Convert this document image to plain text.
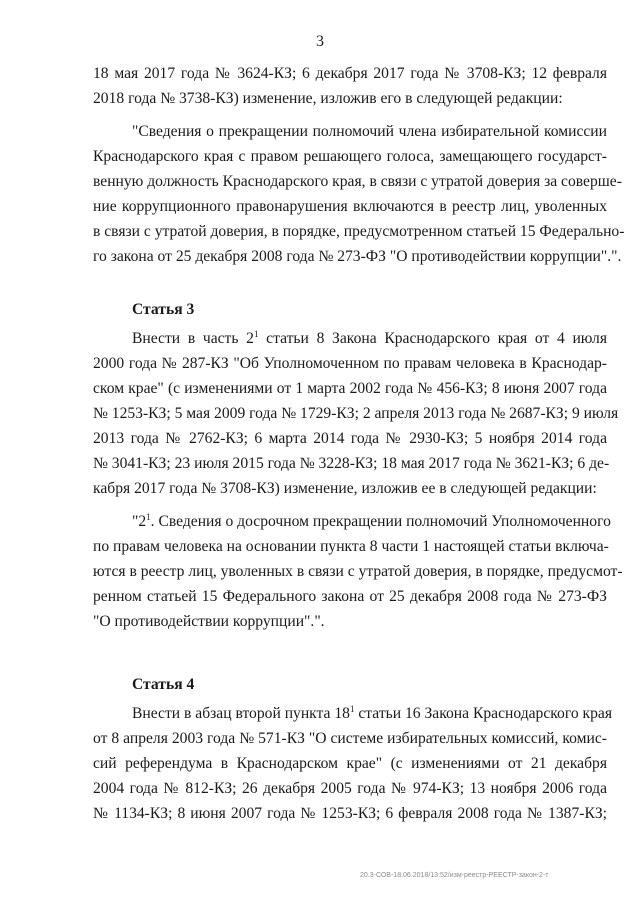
3
18 мая 2017 года № 3624-КЗ; 6 декабря 2017 года № 3708-КЗ; 12 февраля
2018 года № 3738-КЗ) изменение, изложив его в следующей редакции:
"Сведения о прекращении полномочий члена избирательной комиссии
Краснодарского края с правом решающего голоса, замещающего государст-
венную должность Краснодарского края, в связи с утратой доверия за соверше-
ние коррупционного правонарушения включаются в реестр лиц, уволенных
в связи с утратой доверия, в порядке, предусмотренном статьей 15 Федерально-
го закона от 25 декабря 2008 года № 273-ФЗ "О противодействии коррупции".".
Статья 3
Внести в часть $2^1$ статьи 8 Закона Краснодарского края от 4 июля
2000 года № 287-КЗ "Об Уполномоченном по правам человека в Краснодар-
ском крае" (с изменениями от 1 марта 2002 года № 456-КЗ; 8 июня 2007 года
№ 1253-КЗ; 5 мая 2009 года № 1729-КЗ; 2 апреля 2013 года № 2687-КЗ; 9 июля
2013 года № 2762-КЗ; 6 марта 2014 года № 2930-КЗ; 5 ноября 2014 года
№ 3041-КЗ; 23 июля 2015 года № 3228-КЗ; 18 мая 2017 года № 3621-КЗ; 6 де-
кабря 2017 года № 3708-КЗ) изменение, изложив ее в следующей редакции:
"$2^1$. Сведения о досрочном прекращении полномочий Уполномоченного
по правам человека на основании пункта 8 части 1 настоящей статьи включа-
ются в реестр лиц, уволенных в связи с утратой доверия, в порядке, предусмот-
ренном статьей 15 Федерального закона от 25 декабря 2008 года № 273-ФЗ
"О противодействии коррупции".".
Статья 4
Внести в абзац второй пункта $18^1$ статьи 16 Закона Краснодарского края
от 8 апреля 2003 года № 571-КЗ "О системе избирательных комиссий, комис-
сий референдума в Краснодарском крае" (с изменениями от 21 декабря
2004 года № 812-КЗ; 26 декабря 2005 года № 974-КЗ; 13 ноября 2006 года
№ 1134-КЗ; 8 июня 2007 года № 1253-КЗ; 6 февраля 2008 года № 1387-КЗ;
20.3-СОВ-18.06.2018/13:52/изм-реестр-РЕЕСТР-закон-2-т
